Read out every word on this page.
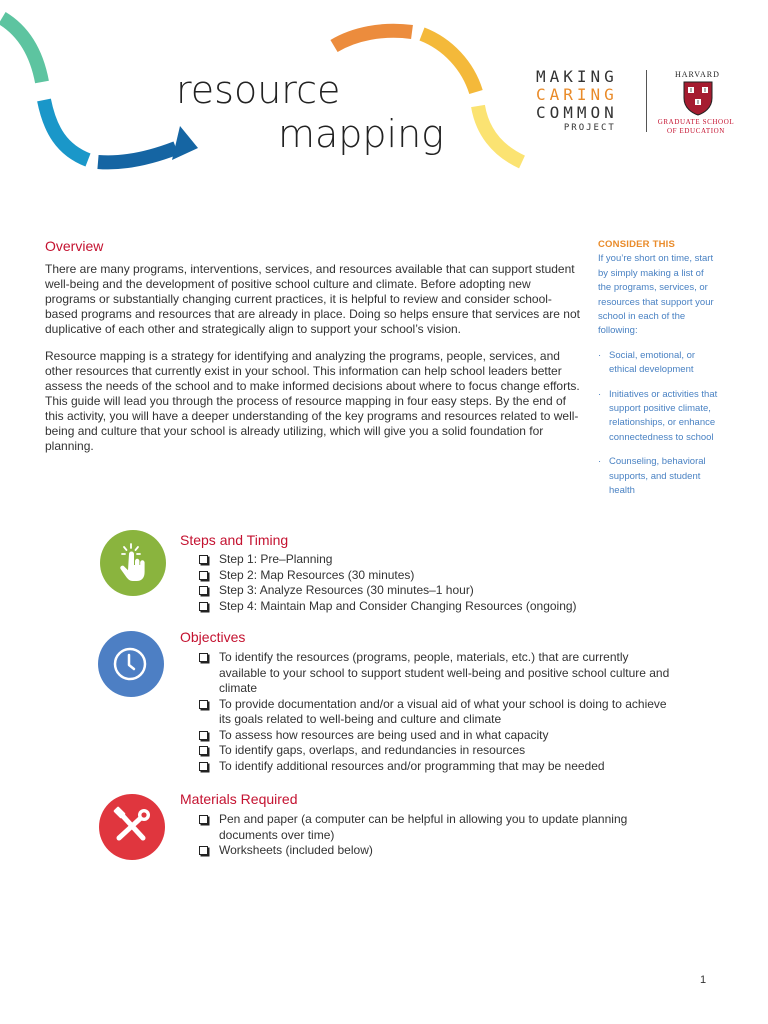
resource
mapping
MAKING
CARING
COMMON
PROJECT
HARVARD
GRADUATE SCHOOL
OF EDUCATION
Overview

There are many programs, interventions, services, and resources available that can support student well-being and the development of positive school culture and climate. Before adopting new programs or substantially changing current practices, it is helpful to review and consider school-based programs and resources that are already in place. Doing so helps ensure that services are not duplicative of each other and strategically align to support your school’s vision.

Resource mapping is a strategy for identifying and analyzing the programs, people, services, and other resources that currently exist in your school. This information can help school leaders better assess the needs of the school and to make informed decisions about where to focus change efforts. This guide will lead you through the process of resource mapping in four easy steps. By the end of this activity, you will have a deeper understanding of the key programs and resources related to well-being and culture that your school is already utilizing, which will give you a solid foundation for planning.

CONSIDER THIS
If you’re short on time, start by simply making a list of the programs, services, or resources that support your school in each of the following:
· Social, emotional, or ethical development
· Initiatives or activities that support positive climate, relationships, or enhance connectedness to school
· Counseling, behavioral supports, and student health
Steps and Timing
Step 1: Pre–Planning
Step 2: Map Resources (30 minutes)
Step 3: Analyze Resources (30 minutes–1 hour)
Step 4: Maintain Map and Consider Changing Resources (ongoing)
Objectives
To identify the resources (programs, people, materials, etc.) that are currently available to your school to support student well-being and positive school culture and climate
To provide documentation and/or a visual aid of what your school is doing to achieve its goals related to well-being and culture and climate
To assess how resources are being used and in what capacity
To identify gaps, overlaps, and redundancies in resources
To identify additional resources and/or programming that may be needed
Materials Required
Pen and paper (a computer can be helpful in allowing you to update planning documents over time)
Worksheets (included below)
1
